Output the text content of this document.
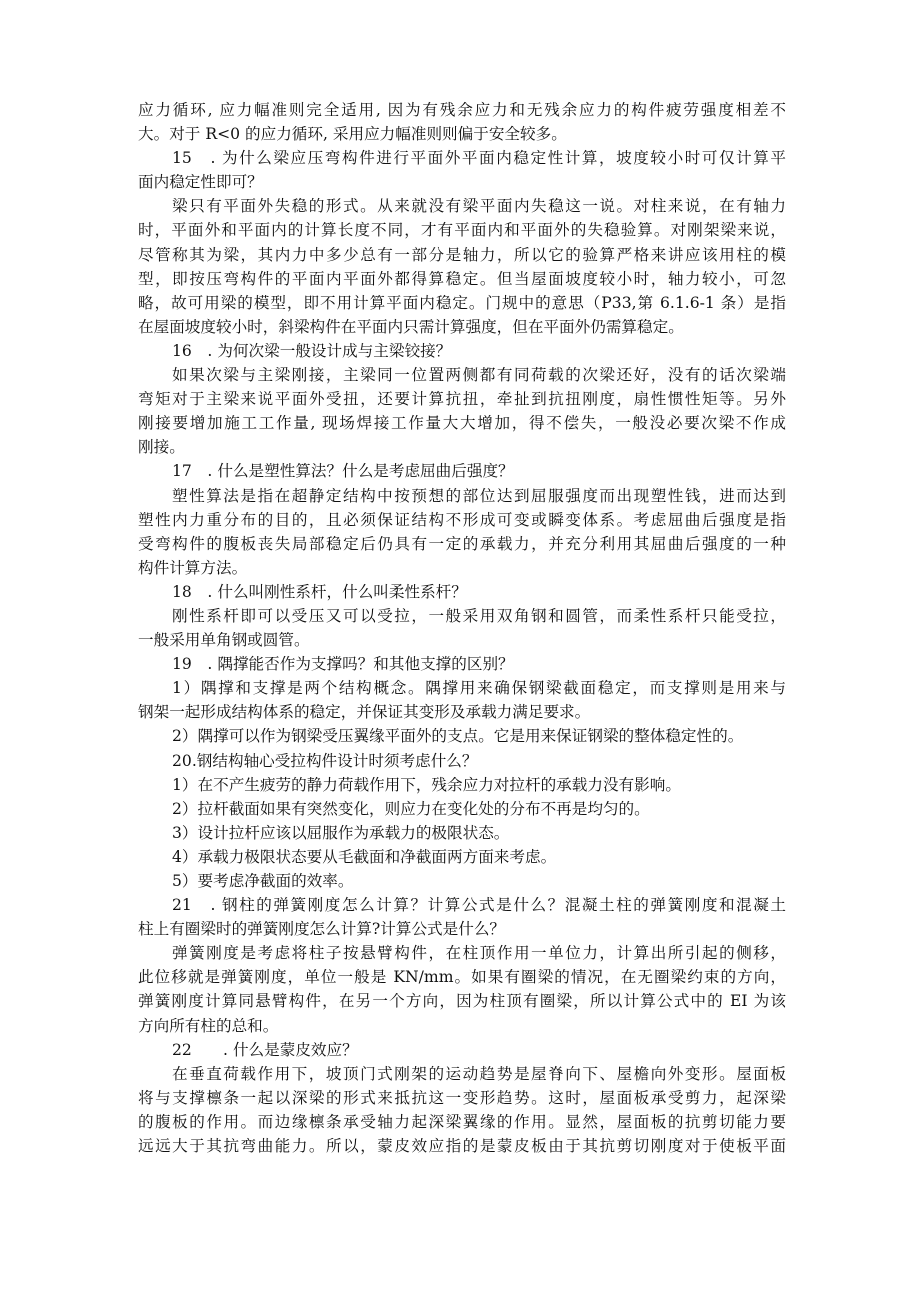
应力循环, 应力幅准则完全适用, 因为有残余应力和无残余应力的构件疲劳强度相差不
大。对于 R<0 的应力循环, 采用应力幅准则则偏于安全较多。
15　. 为什么梁应压弯构件进行平面外平面内稳定性计算，坡度较小时可仅计算平
面内稳定性即可？
梁只有平面外失稳的形式。从来就没有梁平面内失稳这一说。对柱来说，在有轴力
时，平面外和平面内的计算长度不同，才有平面内和平面外的失稳验算。对刚架梁来说，
尽管称其为梁，其内力中多少总有一部分是轴力，所以它的验算严格来讲应该用柱的模
型，即按压弯构件的平面内平面外都得算稳定。但当屋面坡度较小时，轴力较小，可忽
略，故可用梁的模型，即不用计算平面内稳定。门规中的意思（P33,第 6.1.6-1 条）是指
在屋面坡度较小时，斜梁构件在平面内只需计算强度，但在平面外仍需算稳定。
16　. 为何次梁一般设计成与主梁铰接？
如果次梁与主梁刚接，主梁同一位置两侧都有同荷载的次梁还好，没有的话次梁端
弯矩对于主梁来说平面外受扭，还要计算抗扭，牵扯到抗扭刚度，扇性惯性矩等。另外
刚接要增加施工工作量, 现场焊接工作量大大增加，得不偿失，一般没必要次梁不作成
刚接。
17　. 什么是塑性算法？什么是考虑屈曲后强度？
塑性算法是指在超静定结构中按预想的部位达到屈服强度而出现塑性钱，进而达到
塑性内力重分布的目的，且必须保证结构不形成可变或瞬变体系。考虑屈曲后强度是指
受弯构件的腹板丧失局部稳定后仍具有一定的承载力，并充分利用其屈曲后强度的一种
构件计算方法。
18　. 什么叫刚性系杆，什么叫柔性系杆？
刚性系杆即可以受压又可以受拉，一般采用双角钢和圆管，而柔性系杆只能受拉，
一般采用单角钢或圆管。
19　. 隅撑能否作为支撑吗？和其他支撑的区别？
1）隅撑和支撑是两个结构概念。隅撑用来确保钢梁截面稳定，而支撑则是用来与
钢架一起形成结构体系的稳定，并保证其变形及承载力满足要求。
2）隅撑可以作为钢梁受压翼缘平面外的支点。它是用来保证钢梁的整体稳定性的。
20.钢结构轴心受拉构件设计时须考虑什么？
1）在不产生疲劳的静力荷载作用下，残余应力对拉杆的承载力没有影响。
2）拉杆截面如果有突然变化，则应力在变化处的分布不再是均匀的。
3）设计拉杆应该以屈服作为承载力的极限状态。
4）承载力极限状态要从毛截面和净截面两方面来考虑。
5）要考虑净截面的效率。
21　. 钢柱的弹簧刚度怎么计算？计算公式是什么？混凝土柱的弹簧刚度和混凝土
柱上有圈梁时的弹簧刚度怎么计算?计算公式是什么？
弹簧刚度是考虑将柱子按悬臂构件，在柱顶作用一单位力，计算出所引起的侧移，
此位移就是弹簧刚度，单位一般是 KN/mm。如果有圈梁的情况，在无圈梁约束的方向，
弹簧刚度计算同悬臂构件，在另一个方向，因为柱顶有圈梁，所以计算公式中的 EI 为该
方向所有柱的总和。
22　　. 什么是蒙皮效应？
在垂直荷载作用下，坡顶门式刚架的运动趋势是屋脊向下、屋檐向外变形。屋面板
将与支撑檩条一起以深梁的形式来抵抗这一变形趋势。这时，屋面板承受剪力，起深梁
的腹板的作用。而边缘檩条承受轴力起深梁翼缘的作用。显然，屋面板的抗剪切能力要
远远大于其抗弯曲能力。所以，蒙皮效应指的是蒙皮板由于其抗剪切刚度对于使板平面
